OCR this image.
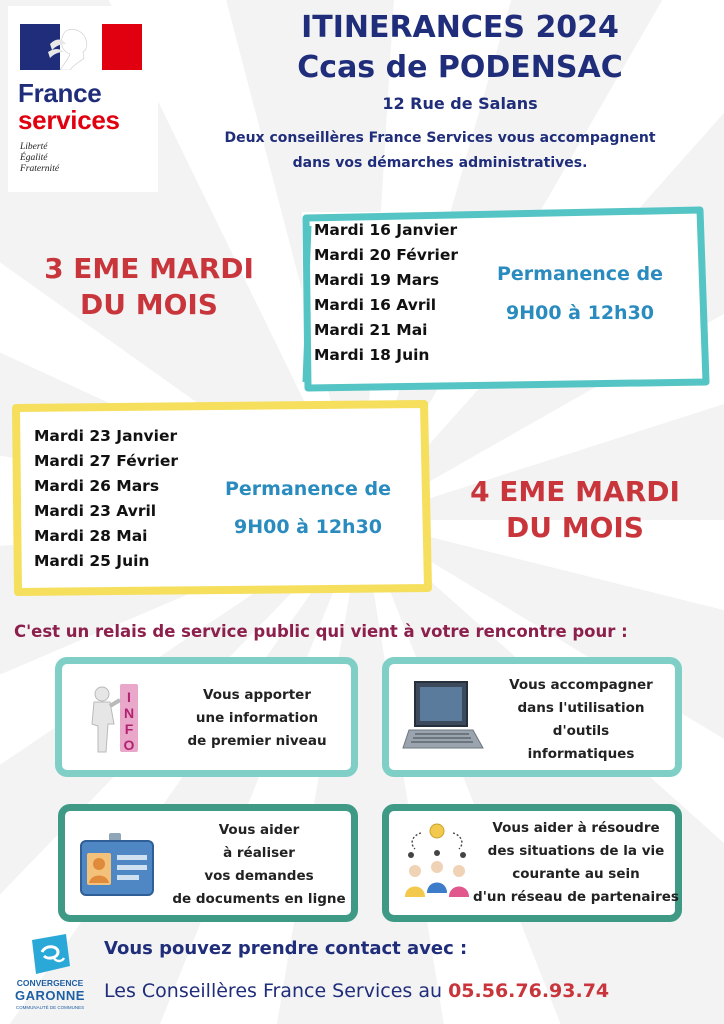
France
services
Liberté
Égalité
Fraternité
ITINERANCES 2024
Ccas de PODENSAC
12 Rue de Salans
Deux conseillères France Services vous accompagnent
dans vos démarches administratives.
3 EME MARDI
DU MOIS
Mardi 16 Janvier
Mardi 20 Février
Mardi 19 Mars
Mardi 16 Avril
Mardi 21 Mai
Mardi 18 Juin
Permanence de
9H00 à 12h30
Mardi 23 Janvier
Mardi 27 Février
Mardi 26 Mars
Mardi 23 Avril
Mardi 28 Mai
Mardi 25 Juin
Permanence de
9H00 à 12h30
4 EME MARDI
DU MOIS
C'est un relais de service public qui vient à votre rencontre pour :
I
N
F
O
Vous apporter
une information
de premier niveau
Vous accompagner
dans l'utilisation
d'outils
informatiques
Vous aider
à réaliser
vos demandes
de documents en ligne
Vous aider à résoudre
des situations de la vie
courante au sein
d'un réseau de partenaires
CONVERGENCE
GARONNE
COMMUNAUTÉ DE COMMUNES
Vous pouvez prendre contact avec :
Les Conseillères France Services au 05.56.76.93.74
